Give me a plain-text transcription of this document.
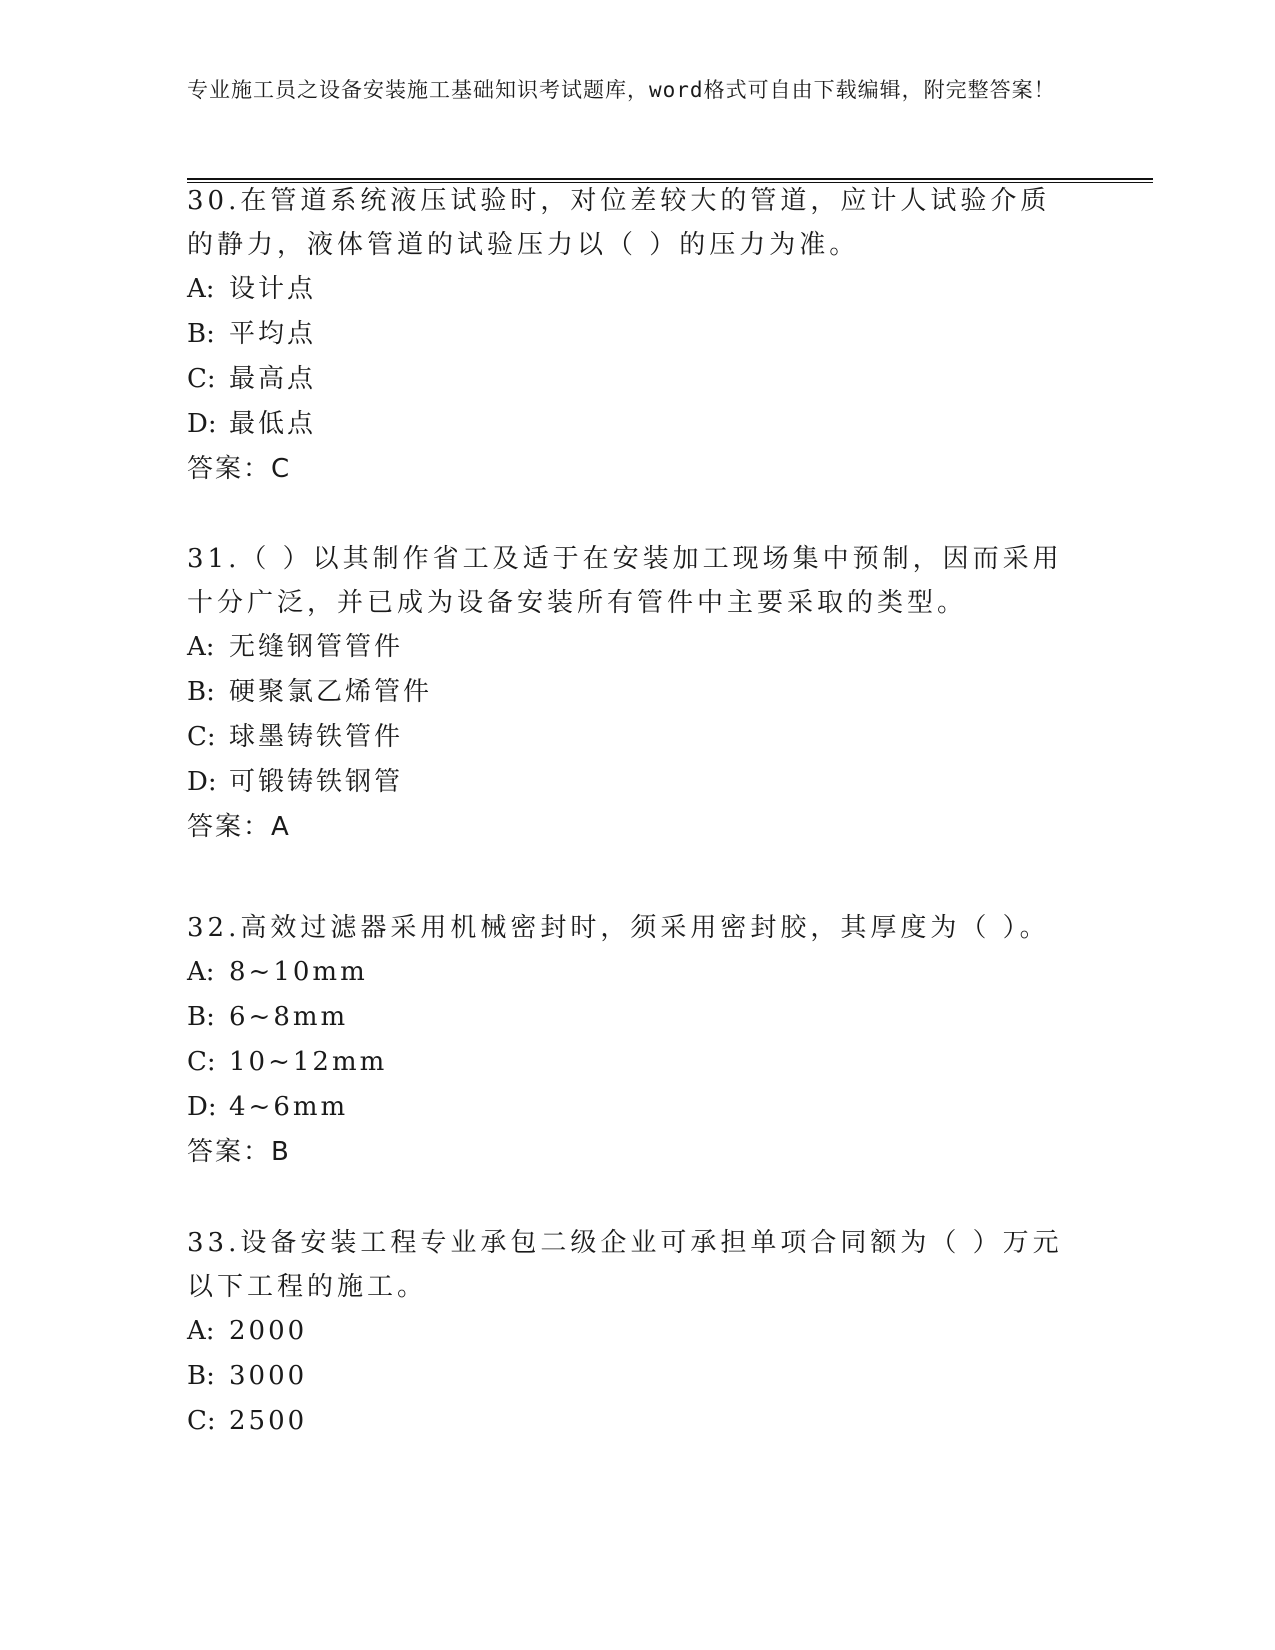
专业施工员之设备安装施工基础知识考试题库，word格式可自由下载编辑，附完整答案！
30.在管道系统液压试验时，对位差较大的管道，应计人试验介质的静力，液体管道的试验压力以（ ）的压力为准。
A: 设计点
B: 平均点
C: 最高点
D: 最低点
答案：C
31.（ ）以其制作省工及适于在安装加工现场集中预制，因而采用十分广泛，并已成为设备安装所有管件中主要采取的类型。
A: 无缝钢管管件
B: 硬聚氯乙烯管件
C: 球墨铸铁管件
D: 可锻铸铁钢管
答案：A
32.高效过滤器采用机械密封时，须采用密封胶，其厚度为（ ）。
A: 8~10mm
B: 6~8mm
C: 10~12mm
D: 4~6mm
答案：B
33.设备安装工程专业承包二级企业可承担单项合同额为（ ）万元以下工程的施工。
A: 2000
B: 3000
C: 2500
